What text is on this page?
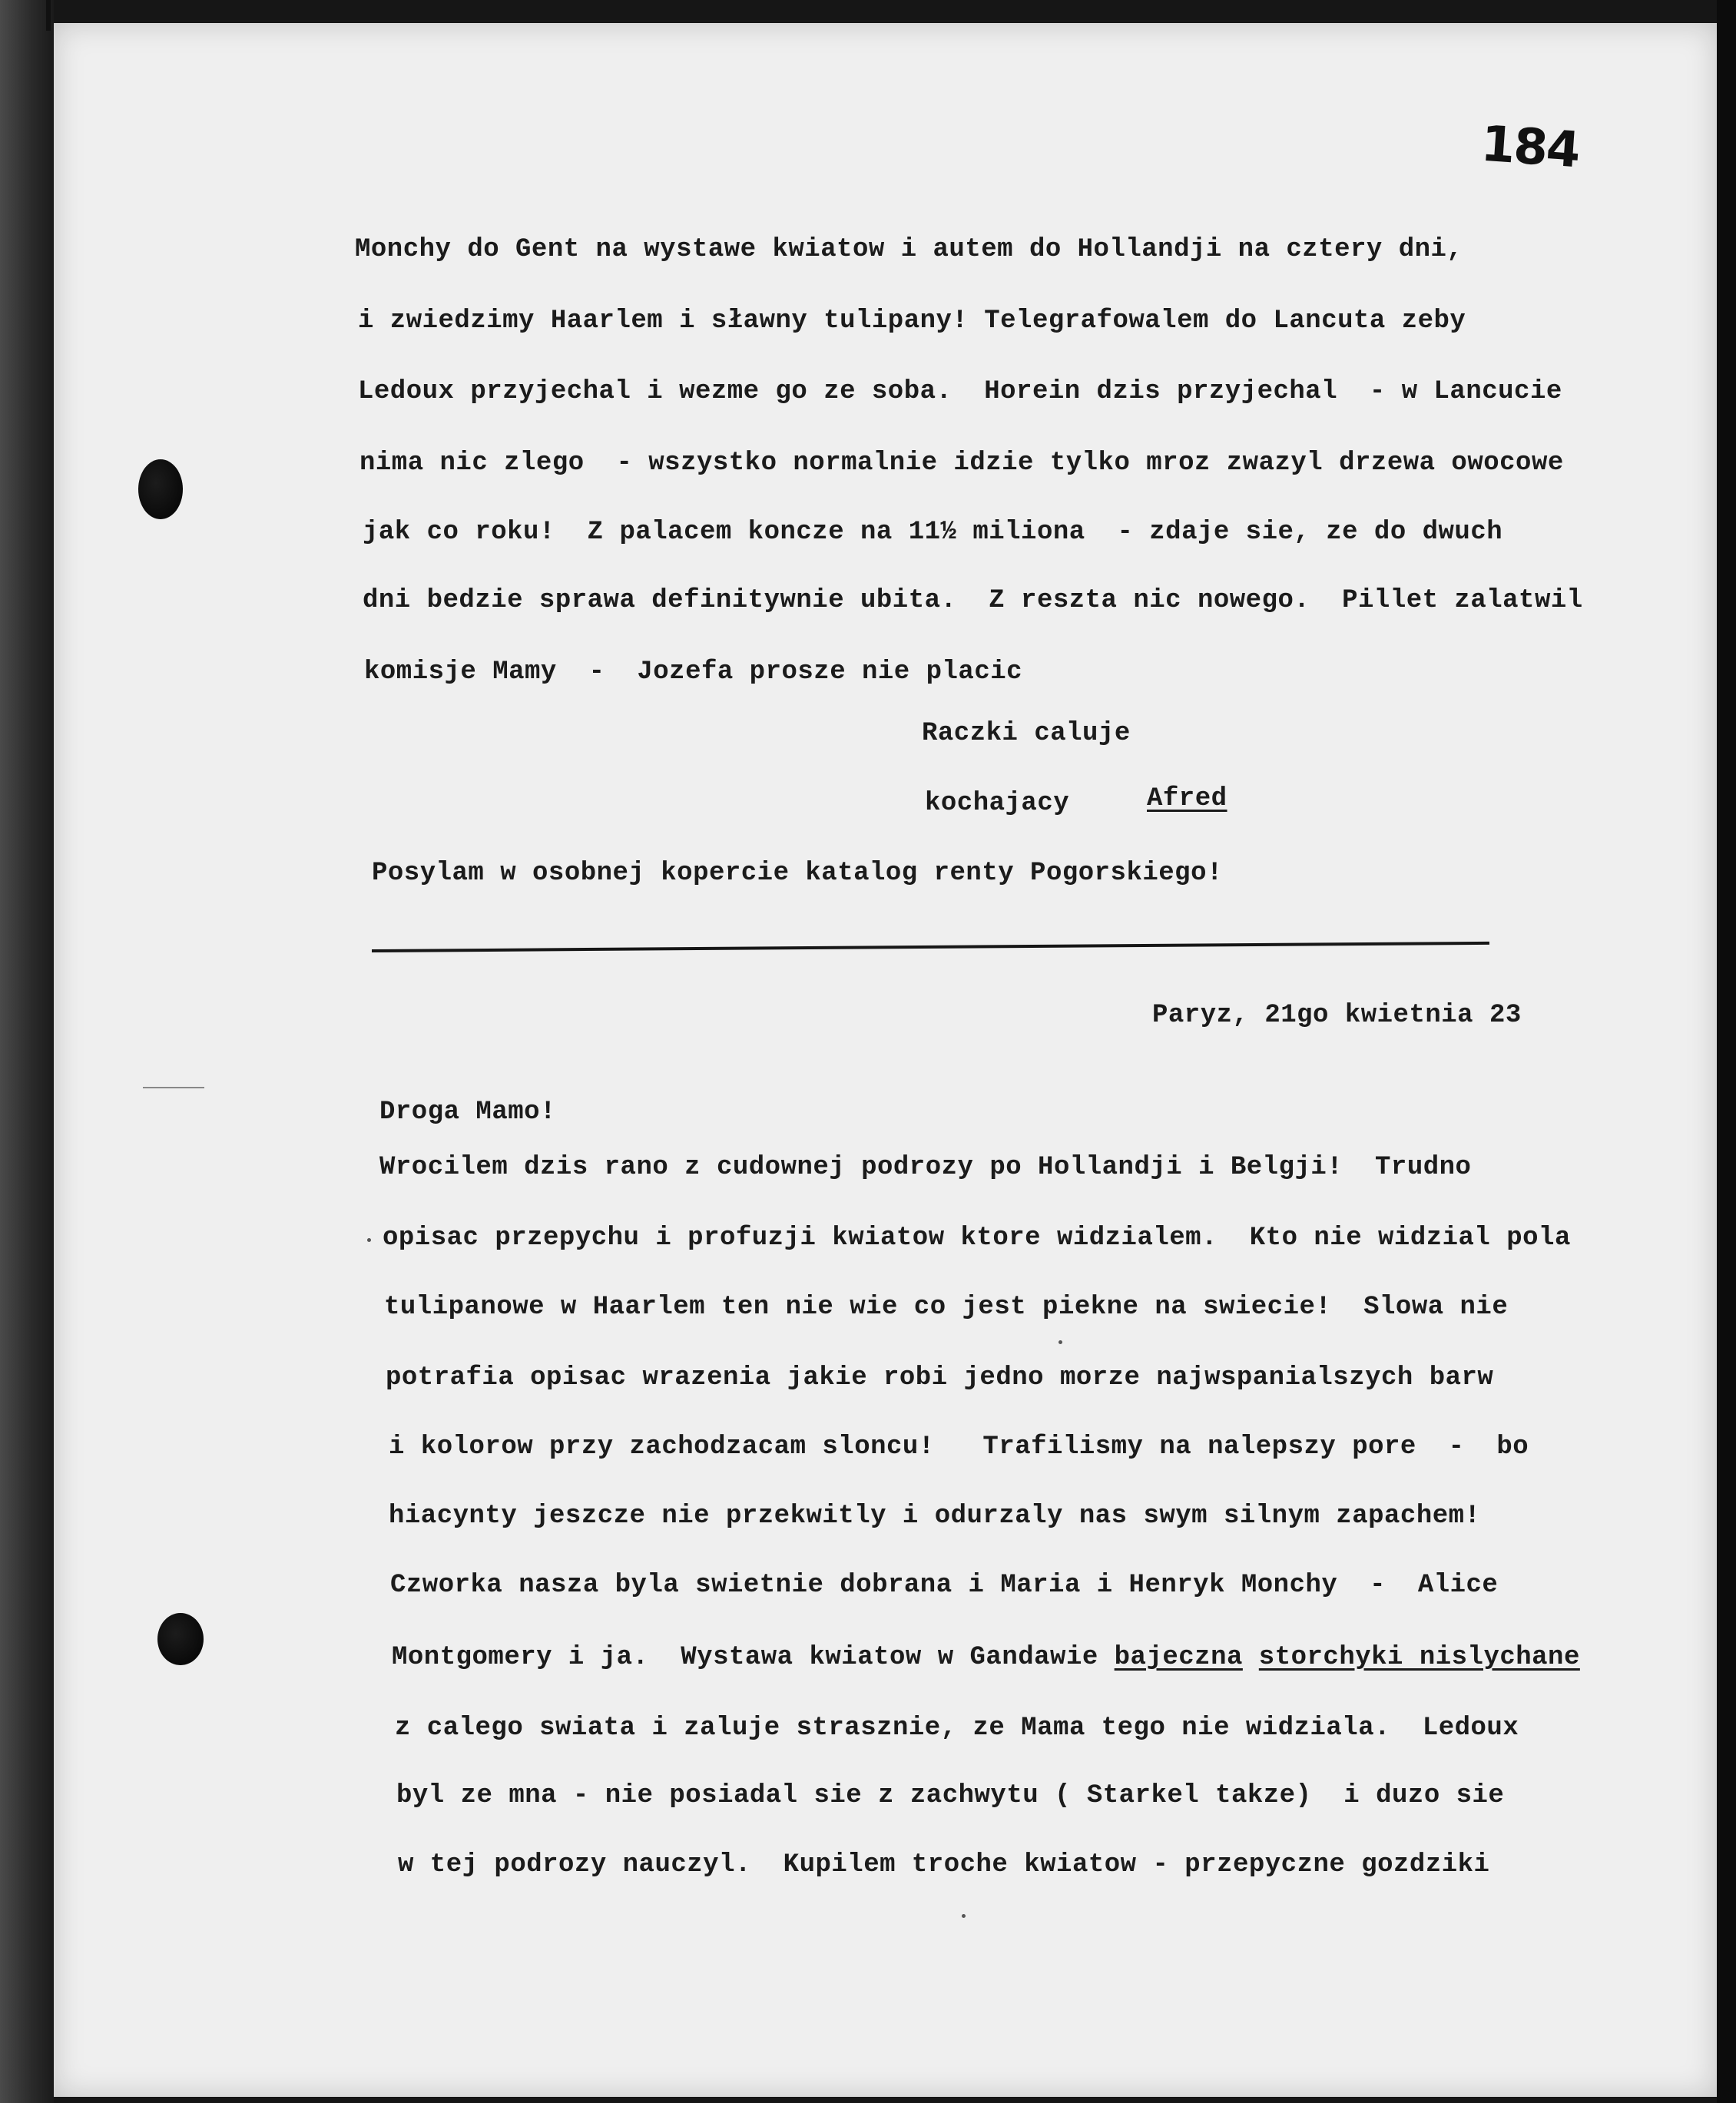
184

Monchy do Gent na wystawe kwiatow i autem do Hollandji na cztery dni,

i zwiedzimy Haarlem i sławny tulipany! Telegrafowalem do Lancuta zeby

Ledoux przyjechal i wezme go ze soba.  Horein dzis przyjechal  - w Lancucie

nima nic zlego  - wszystko normalnie idzie tylko mroz zwazyl drzewa owocowe

jak co roku!  Z palacem koncze na 11½ miliona  - zdaje sie, ze do dwuch

dni bedzie sprawa definitywnie ubita.  Z reszta nic nowego.  Pillet zalatwil

komisje Mamy  -  Jozefa prosze nie placic

Raczki caluje

kochajacy	Afred

Posylam w osobnej kopercie katalog renty Pogorskiego!

Paryz, 21go kwietnia 23

Droga Mamo!

Wrocilem dzis rano z cudownej podrozy po Hollandji i Belgji!  Trudno

opisac przepychu i profuzji kwiatow ktore widzialem.  Kto nie widzial pola

tulipanowe w Haarlem ten nie wie co jest piekne na swiecie!  Slowa nie

potrafia opisac wrazenia jakie robi jedno morze najwspanialszych barw

i kolorow przy zachodzacam sloncu!   Trafilismy na nalepszy pore  -  bo

hiacynty jeszcze nie przekwitly i odurzaly nas swym silnym zapachem!

Czworka nasza byla swietnie dobrana i Maria i Henryk Monchy  -  Alice

Montgomery i ja.  Wystawa kwiatow w Gandawie bajeczna storchyki nislychane

z calego swiata i zaluje strasznie, ze Mama tego nie widziala.  Ledoux

byl ze mna - nie posiadal sie z zachwytu ( Starkel takze)  i duzo sie

w tej podrozy nauczyl.  Kupilem troche kwiatow - przepyczne gozdziki
